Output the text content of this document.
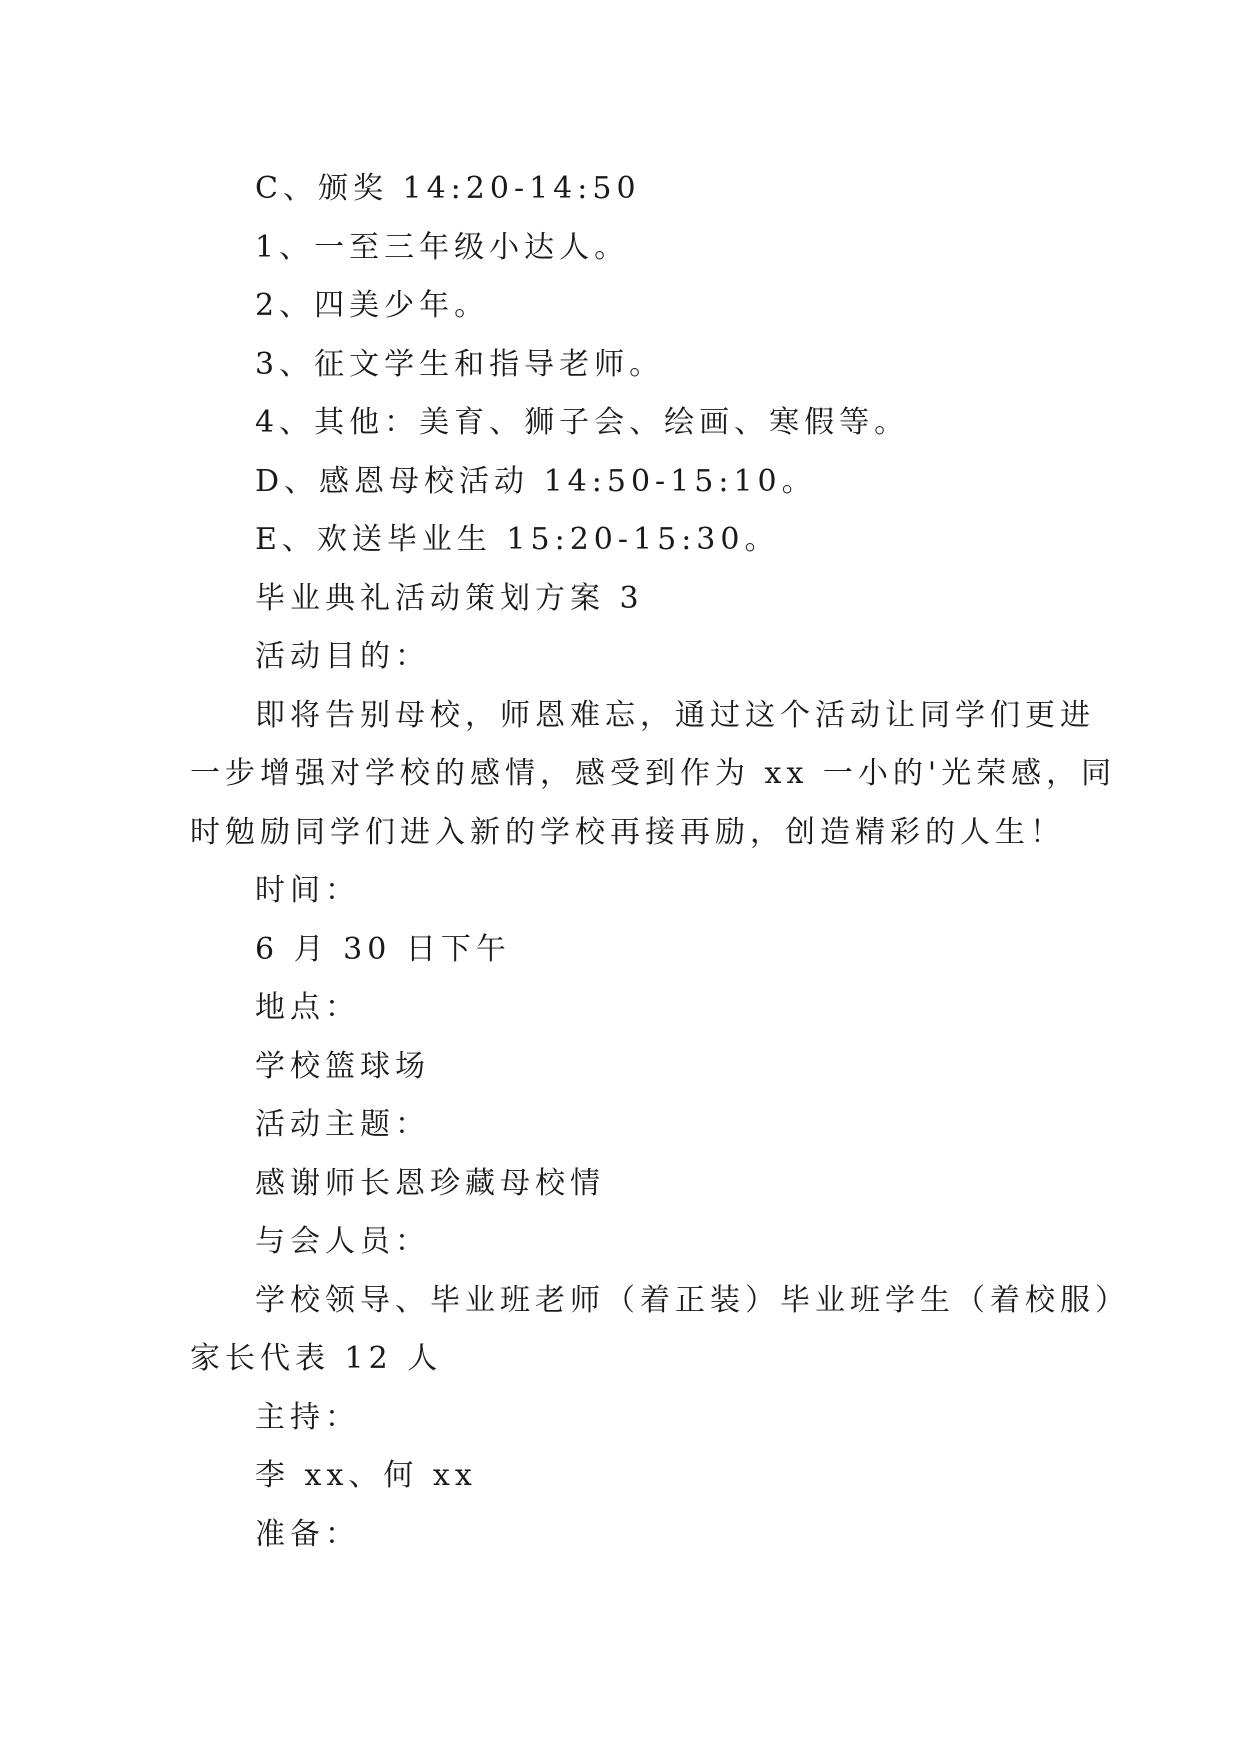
C、颁奖 14:20-14:50

1、一至三年级小达人。

2、四美少年。

3、征文学生和指导老师。

4、其他：美育、狮子会、绘画、寒假等。

D、感恩母校活动 14:50-15:10。

E、欢送毕业生 15:20-15:30。

毕业典礼活动策划方案 3

活动目的：

即将告别母校，师恩难忘，通过这个活动让同学们更进
一步增强对学校的感情，感受到作为 xx 一小的'光荣感，同
时勉励同学们进入新的学校再接再励，创造精彩的人生！

时间：

6 月 30 日下午

地点：

学校篮球场

活动主题：

感谢师长恩珍藏母校情

与会人员：

学校领导、毕业班老师（着正装）毕业班学生（着校服）
家长代表 12 人

主持：

李 xx、何 xx

准备：
